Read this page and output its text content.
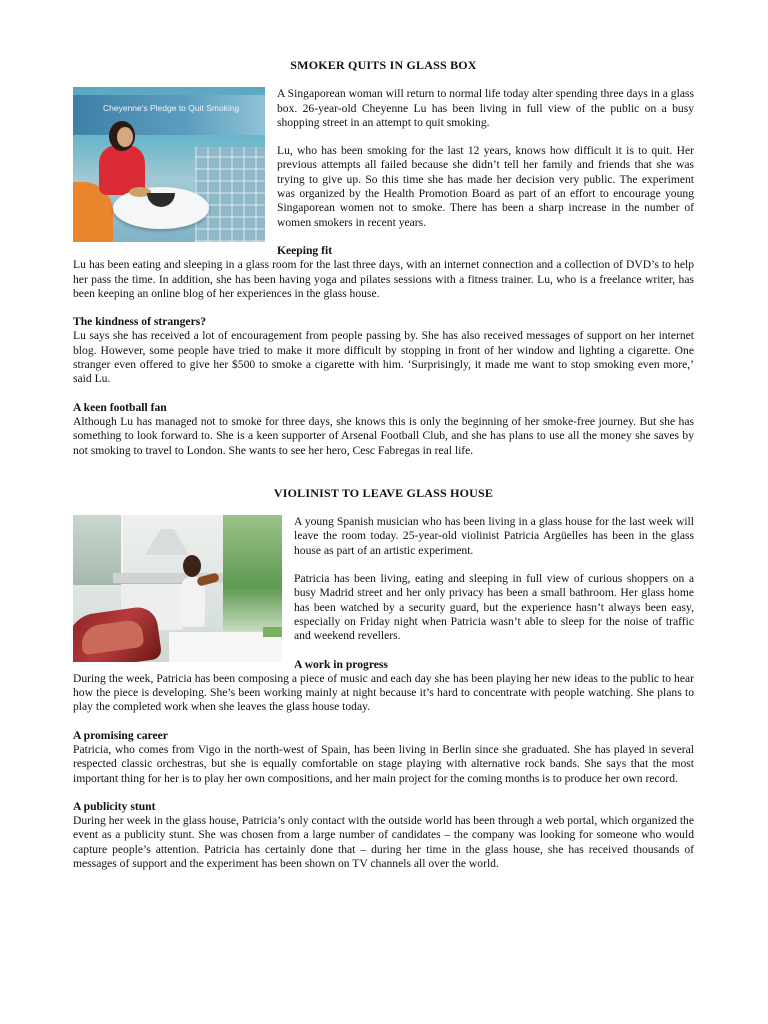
SMOKER QUITS IN GLASS BOX
Cheyenne's Pledge to Quit Smoking

A Singaporean woman will return to normal life today alter spending three days in a glass box. 26-year-old Cheyenne Lu has been living in full view of the public on a busy shopping street in an attempt to quit smoking.

Lu, who has been smoking for the last 12 years, knows how difficult it is to quit. Her previous attempts all failed because she didn’t tell her family and friends that she was trying to give up. So this time she has made her decision very public. The experiment was organized by the Health Promotion Board as part of an effort to encourage young Singaporean women not to smoke. There has been a sharp increase in the number of women smokers in recent years.

Keeping fit

Lu has been eating and sleeping in a glass room for the last three days, with an internet connection and a collection of DVD’s to help her pass the time. In addition, she has been having yoga and pilates sessions with a fitness trainer. Lu, who is a freelance writer, has been keeping an online blog of her experiences in the glass house.

The kindness of strangers?

Lu says she has received a lot of encouragement from people passing by. She has also received messages of support on her internet blog. However, some people have tried to make it more difficult by stopping in front of her window and lighting a cigarette. One stranger even offered to give her $500 to smoke a cigarette with him. ‘Surprisingly, it made me want to stop smoking even more,’ said Lu.

A keen football fan

Although Lu has managed not to smoke for three days, she knows this is only the beginning of her smoke-free journey. But she has something to look forward to. She is a keen supporter of Arsenal Football Club, and she has plans to use all the money she saves by not smoking to travel to London. She wants to see her hero, Cesc Fabregas in real life.

VIOLINIST TO LEAVE GLASS HOUSE

A young Spanish musician who has been living in a glass house for the last week will leave the room today. 25-year-old violinist Patricia Argüelles has been in the glass house as part of an artistic experiment.

Patricia has been living, eating and sleeping in full view of curious shoppers on a busy Madrid street and her only privacy has been a small bathroom. Her glass home has been watched by a security guard, but the experience hasn’t always been easy, especially on Friday night when Patricia wasn’t able to sleep for the noise of traffic and weekend revellers.

A work in progress

During the week, Patricia has been composing a piece of music and each day she has been playing her new ideas to the public to hear how the piece is developing. She’s been working mainly at night because it’s hard to concentrate with people watching. She plans to play the completed work when she leaves the glass house today.

A promising career

Patricia, who comes from Vigo in the north-west of Spain, has been living in Berlin since she graduated. She has played in several respected classic orchestras, but she is equally comfortable on stage playing with alternative rock bands. She says that the most important thing for her is to play her own compositions, and her main project for the coming months is to produce her own record.

A publicity stunt

During her week in the glass house, Patricia’s only contact with the outside world has been through a web portal, which organized the event as a publicity stunt. She was chosen from a large number of candidates – the company was looking for someone who would capture people’s attention. Patricia has certainly done that – during her time in the glass house, she has received thousands of messages of support and the experiment has been shown on TV channels all over the world.
